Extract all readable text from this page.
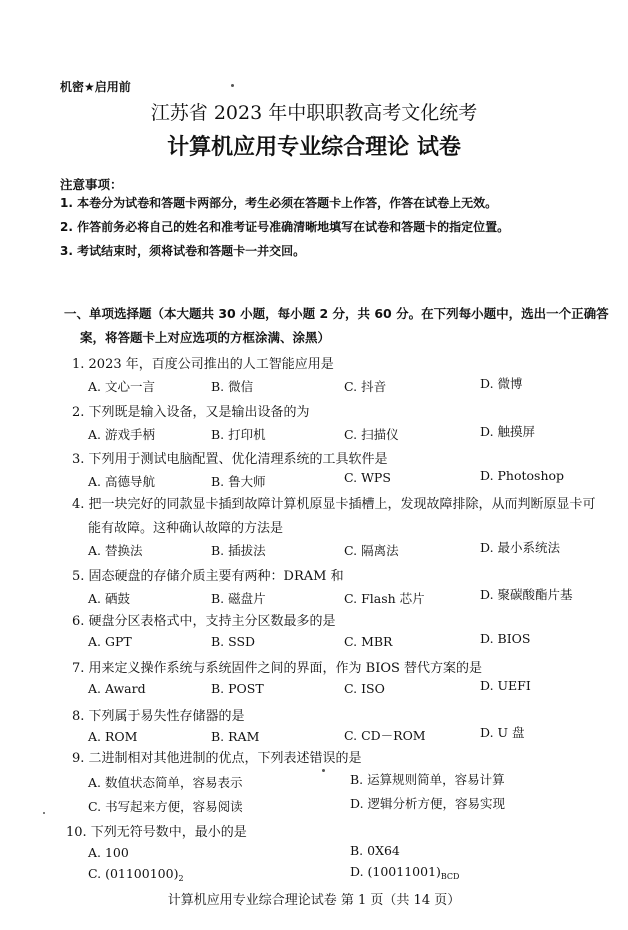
机密★启用前
江苏省 2023 年中职职教高考文化统考
计算机应用专业综合理论 试卷
注意事项：
1. 本卷分为试卷和答题卡两部分，考生必须在答题卡上作答，作答在试卷上无效。
2. 作答前务必将自己的姓名和准考证号准确清晰地填写在试卷和答题卡的指定位置。
3. 考试结束时，须将试卷和答题卡一并交回。
一、单项选择题（本大题共 30 小题，每小题 2 分，共 60 分。在下列每小题中，选出一个正确答
案，将答题卡上对应选项的方框涂满、涂黑）
1. 2023 年，百度公司推出的人工智能应用是
A. 文心一言	B. 微信	C. 抖音	D. 微博
2. 下列既是输入设备，又是输出设备的为
A. 游戏手柄	B. 打印机	C. 扫描仪	D. 触摸屏
3. 下列用于测试电脑配置、优化清理系统的工具软件是
A. 高德导航	B. 鲁大师	C. WPS	D. Photoshop
4. 把一块完好的同款显卡插到故障计算机原显卡插槽上，发现故障排除，从而判断原显卡可
能有故障。这种确认故障的方法是
A. 替换法	B. 插拔法	C. 隔离法	D. 最小系统法
5. 固态硬盘的存储介质主要有两种：DRAM 和
A. 硒鼓	B. 磁盘片	C. Flash 芯片	D. 聚碳酸酯片基
6. 硬盘分区表格式中，支持主分区数最多的是
A. GPT	B. SSD	C. MBR	D. BIOS
7. 用来定义操作系统与系统固件之间的界面，作为 BIOS 替代方案的是
A. Award	B. POST	C. ISO	D. UEFI
8. 下列属于易失性存储器的是
A. ROM	B. RAM	C. CD－ROM	D. U 盘
9. 二进制相对其他进制的优点，下列表述错误的是
A. 数值状态简单，容易表示	B. 运算规则简单，容易计算
C. 书写起来方便，容易阅读	D. 逻辑分析方便，容易实现
10. 下列无符号数中，最小的是
A. 100	B. 0X64
C. $(01100100)_2$	D. $(10011001)_{BCD}$
计算机应用专业综合理论试卷 第 1 页（共 14 页）
